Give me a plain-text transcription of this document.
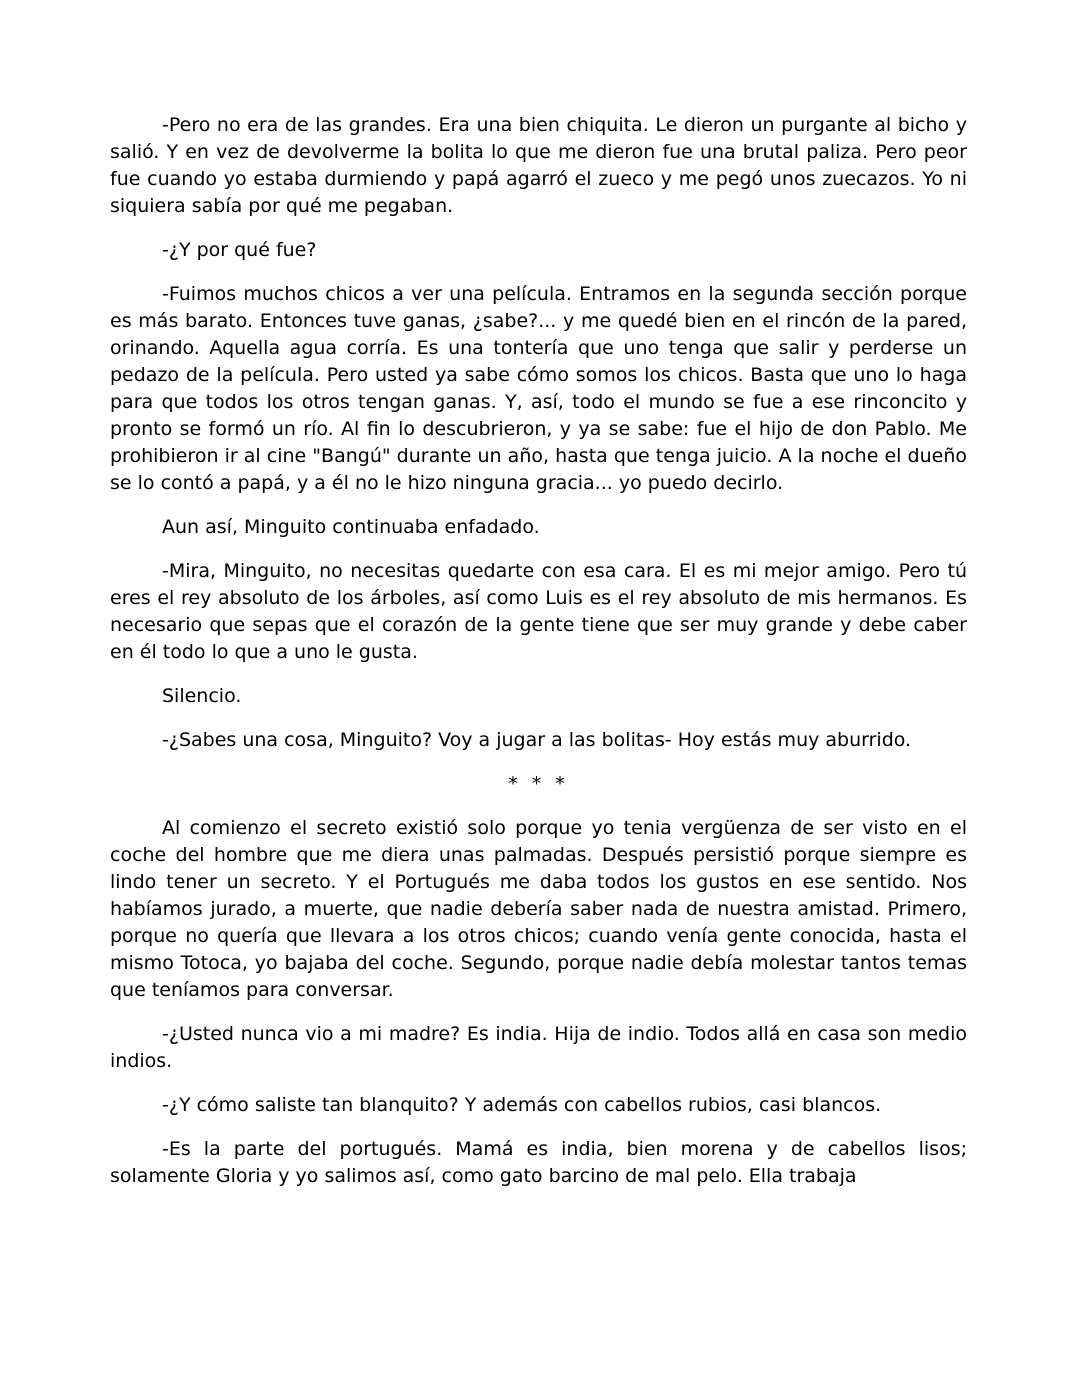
-Pero no era de las grandes. Era una bien chiquita. Le dieron un purgante al bicho y salió. Y en vez de devolverme la bolita lo que me dieron fue una brutal paliza. Pero peor fue cuando yo estaba durmiendo y papá agarró el zueco y me pegó unos zuecazos. Yo ni siquiera sabía por qué me pegaban.

-¿Y por qué fue?

-Fuimos muchos chicos a ver una película. Entramos en la segunda sección porque es más barato. Entonces tuve ganas, ¿sabe?... y me quedé bien en el rincón de la pared, orinando. Aquella agua corría. Es una tontería que uno tenga que salir y perderse un pedazo de la película. Pero usted ya sabe cómo somos los chicos. Basta que uno lo haga para que todos los otros tengan ganas. Y, así, todo el mundo se fue a ese rinconcito y pronto se formó un río. Al fin lo descubrieron, y ya se sabe: fue el hijo de don Pablo. Me prohibieron ir al cine "Bangú" durante un año, hasta que tenga juicio. A la noche el dueño se lo contó a papá, y a él no le hizo ninguna gracia... yo puedo decirlo.

Aun así, Minguito continuaba enfadado.

-Mira, Minguito, no necesitas quedarte con esa cara. El es mi mejor amigo. Pero tú eres el rey absoluto de los árboles, así como Luis es el rey absoluto de mis hermanos. Es necesario que sepas que el corazón de la gente tiene que ser muy grande y debe caber en él todo lo que a uno le gusta.

Silencio.

-¿Sabes una cosa, Minguito? Voy a jugar a las bolitas- Hoy estás muy aburrido.

* * *

Al comienzo el secreto existió solo porque yo tenia vergüenza de ser visto en el coche del hombre que me diera unas palmadas. Después persistió porque siempre es lindo tener un secreto. Y el Portugués me daba todos los gustos en ese sentido. Nos habíamos jurado, a muerte, que nadie debería saber nada de nuestra amistad. Primero, porque no quería que llevara a los otros chicos; cuando venía gente conocida, hasta el mismo Totoca, yo bajaba del coche. Segundo, porque nadie debía molestar tantos temas que teníamos para conversar.

-¿Usted nunca vio a mi madre? Es india. Hija de indio. Todos allá en casa son medio indios.

-¿Y cómo saliste tan blanquito? Y además con cabellos rubios, casi blancos.

-Es la parte del portugués. Mamá es india, bien morena y de cabellos lisos; solamente Gloria y yo salimos así, como gato barcino de mal pelo. Ella trabaja
